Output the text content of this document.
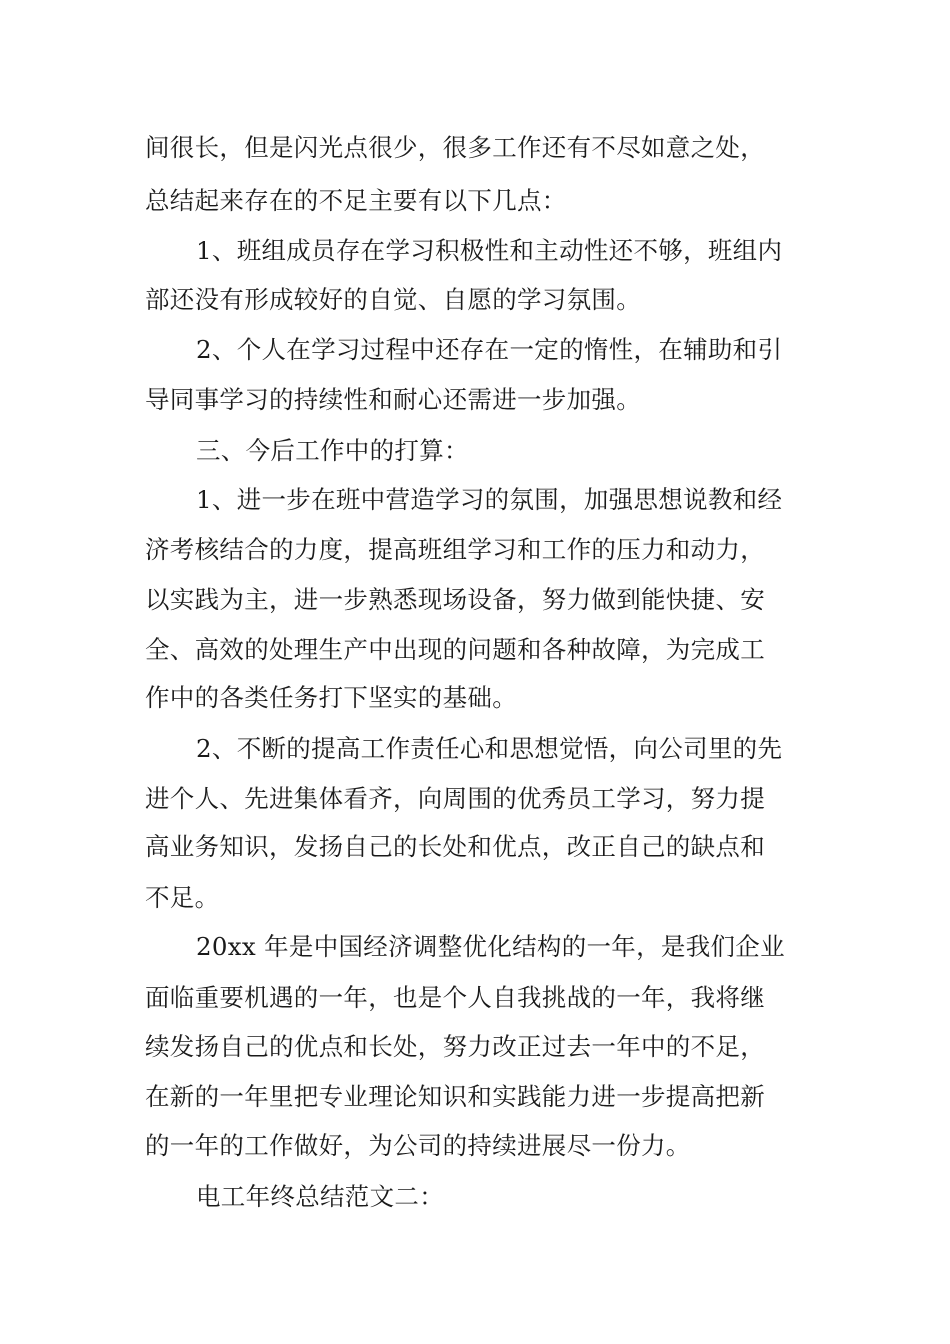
间很长，但是闪光点很少，很多工作还有不尽如意之处，
总结起来存在的不足主要有以下几点：
1、班组成员存在学习积极性和主动性还不够，班组内
部还没有形成较好的自觉、自愿的学习氛围。
2、个人在学习过程中还存在一定的惰性，在辅助和引
导同事学习的持续性和耐心还需进一步加强。
三、今后工作中的打算：
1、进一步在班中营造学习的氛围，加强思想说教和经
济考核结合的力度，提高班组学习和工作的压力和动力，
以实践为主，进一步熟悉现场设备，努力做到能快捷、安
全、高效的处理生产中出现的问题和各种故障，为完成工
作中的各类任务打下坚实的基础。
2、不断的提高工作责任心和思想觉悟，向公司里的先
进个人、先进集体看齐，向周围的优秀员工学习，努力提
高业务知识，发扬自己的长处和优点，改正自己的缺点和
不足。
20xx 年是中国经济调整优化结构的一年，是我们企业
面临重要机遇的一年，也是个人自我挑战的一年，我将继
续发扬自己的优点和长处，努力改正过去一年中的不足，
在新的一年里把专业理论知识和实践能力进一步提高把新
的一年的工作做好，为公司的持续进展尽一份力。
电工年终总结范文二：
